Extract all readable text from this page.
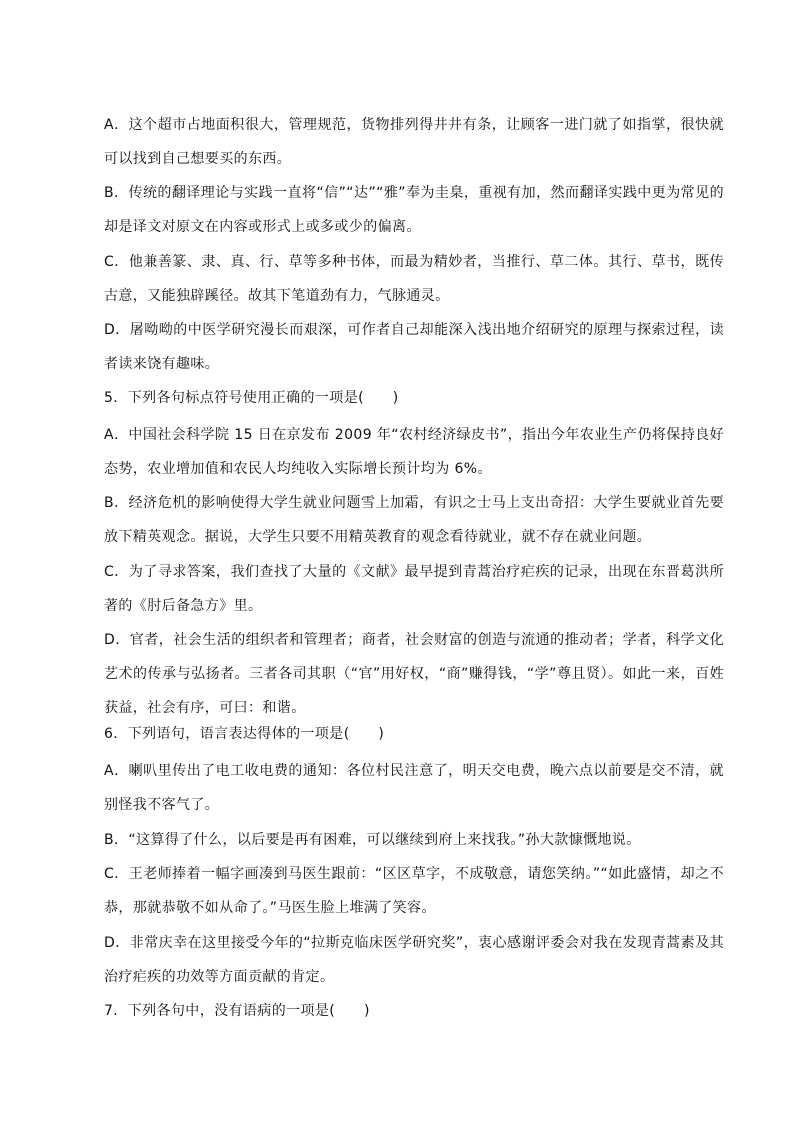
A．这个超市占地面积很大，管理规范，货物排列得井井有条，让顾客一进门就了如指掌，很快就可以找到自己想要买的东西。

B．传统的翻译理论与实践一直将“信”“达”“雅”奉为圭臬，重视有加，然而翻译实践中更为常见的却是译文对原文在内容或形式上或多或少的偏离。

C．他兼善篆、隶、真、行、草等多种书体，而最为精妙者，当推行、草二体。其行、草书，既传古意，又能独辟蹊径。故其下笔道劲有力，气脉通灵。

D．屠呦呦的中医学研究漫长而艰深，可作者自己却能深入浅出地介绍研究的原理与探索过程，读者读来饶有趣味。

5．下列各句标点符号使用正确的一项是(　　)

A．中国社会科学院 15 日在京发布 2009 年“农村经济绿皮书”，指出今年农业生产仍将保持良好态势，农业增加值和农民人均纯收入实际增长预计均为 6%。

B．经济危机的影响使得大学生就业问题雪上加霜，有识之士马上支出奇招：大学生要就业首先要放下精英观念。据说，大学生只要不用精英教育的观念看待就业，就不存在就业问题。

C．为了寻求答案，我们查找了大量的《文献》最早提到青蒿治疗疟疾的记录，出现在东晋葛洪所著的《肘后备急方》里。

D．官者，社会生活的组织者和管理者；商者，社会财富的创造与流通的推动者；学者，科学文化艺术的传承与弘扬者。三者各司其职（“官”用好权，“商”赚得钱，“学”尊且贤）。如此一来，百姓获益，社会有序，可曰：和谐。

6．下列语句，语言表达得体的一项是(　　)

A．喇叭里传出了电工收电费的通知：各位村民注意了，明天交电费，晚六点以前要是交不清，就别怪我不客气了。

B．“这算得了什么，以后要是再有困难，可以继续到府上来找我。”孙大款慷慨地说。

C．王老师捧着一幅字画凑到马医生跟前：“区区草字，不成敬意，请您笑纳。”“如此盛情，却之不恭，那就恭敬不如从命了。”马医生脸上堆满了笑容。

D．非常庆幸在这里接受今年的“拉斯克临床医学研究奖”，衷心感谢评委会对我在发现青蒿素及其治疗疟疾的功效等方面贡献的肯定。

7．下列各句中，没有语病的一项是(　　)
